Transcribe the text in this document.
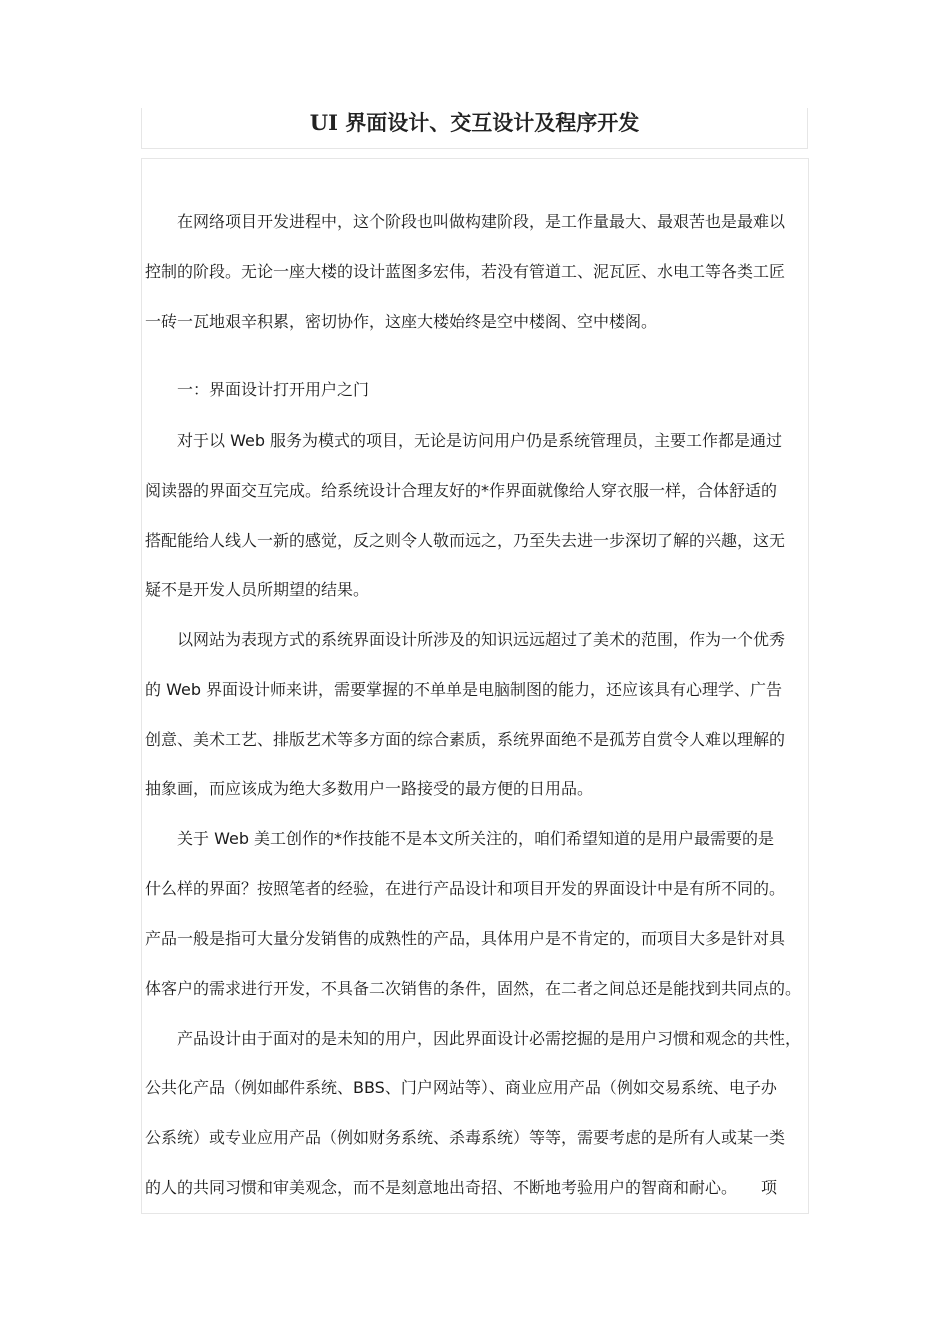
UI 界面设计、交互设计及程序开发

在网络项目开发进程中，这个阶段也叫做构建阶段，是工作量最大、最艰苦也是最难以

控制的阶段。无论一座大楼的设计蓝图多宏伟，若没有管道工、泥瓦匠、水电工等各类工匠

一砖一瓦地艰辛积累，密切协作，这座大楼始终是空中楼阁、空中楼阁。

一：界面设计打开用户之门

对于以 Web 服务为模式的项目，无论是访问用户仍是系统管理员，主要工作都是通过

阅读器的界面交互完成。给系统设计合理友好的*作界面就像给人穿衣服一样，合体舒适的

搭配能给人线人一新的感觉，反之则令人敬而远之，乃至失去进一步深切了解的兴趣，这无

疑不是开发人员所期望的结果。

以网站为表现方式的系统界面设计所涉及的知识远远超过了美术的范围，作为一个优秀

的 Web 界面设计师来讲，需要掌握的不单单是电脑制图的能力，还应该具有心理学、广告

创意、美术工艺、排版艺术等多方面的综合素质，系统界面绝不是孤芳自赏令人难以理解的

抽象画，而应该成为绝大多数用户一路接受的最方便的日用品。

关于 Web 美工创作的*作技能不是本文所关注的，咱们希望知道的是用户最需要的是

什么样的界面？按照笔者的经验，在进行产品设计和项目开发的界面设计中是有所不同的。

产品一般是指可大量分发销售的成熟性的产品，具体用户是不肯定的，而项目大多是针对具

体客户的需求进行开发，不具备二次销售的条件，固然，在二者之间总还是能找到共同点的。

产品设计由于面对的是未知的用户，因此界面设计必需挖掘的是用户习惯和观念的共性，

公共化产品（例如邮件系统、BBS、门户网站等）、商业应用产品（例如交易系统、电子办

公系统）或专业应用产品（例如财务系统、杀毒系统）等等，需要考虑的是所有人或某一类

的人的共同习惯和审美观念，而不是刻意地出奇招、不断地考验用户的智商和耐心。　　项
